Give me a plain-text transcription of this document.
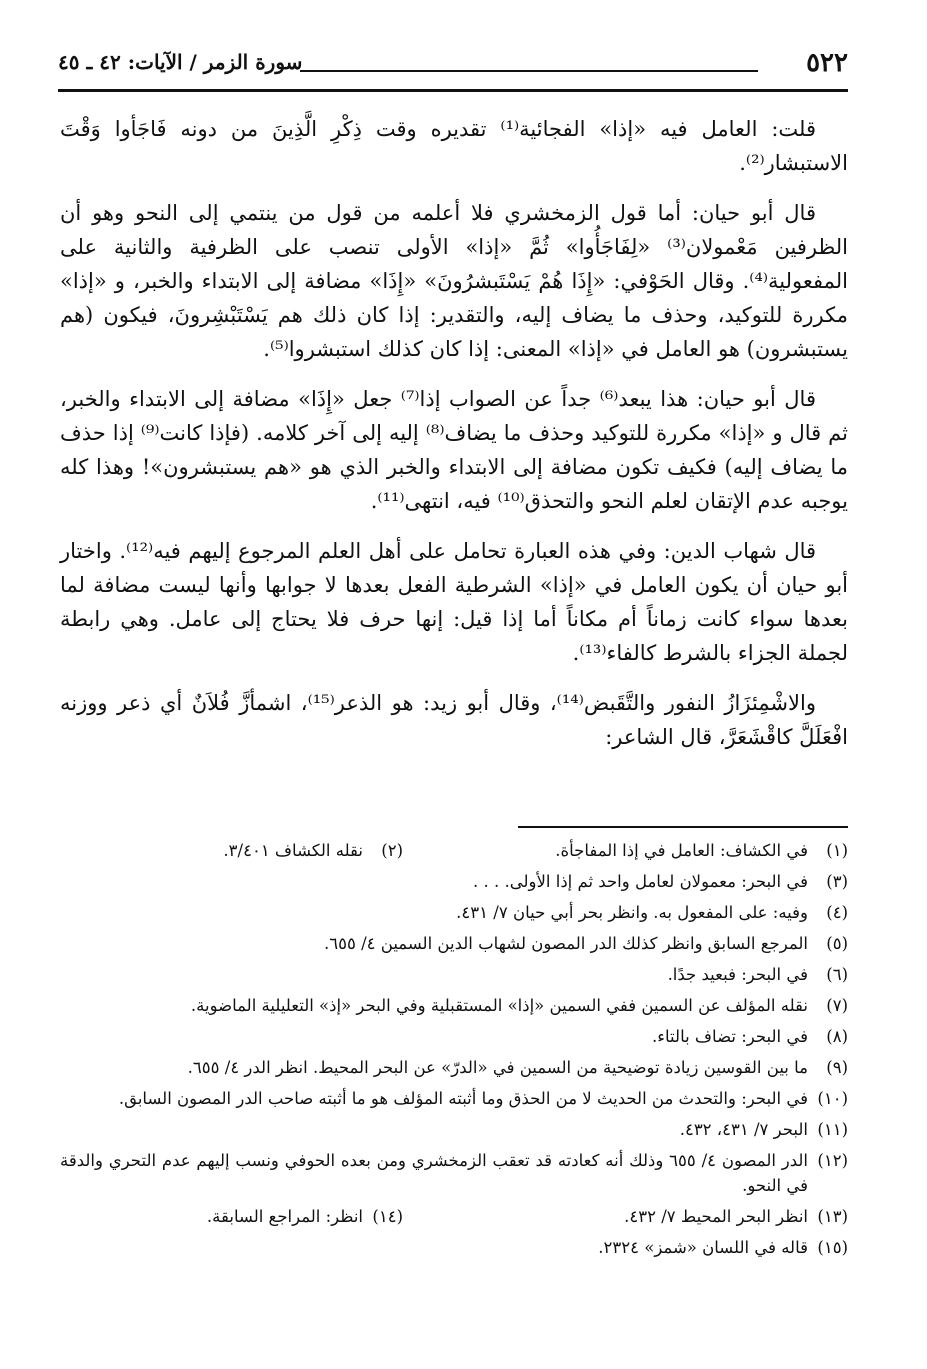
٥٢٢
سورة الزمر / الآيات: ٤٢ ـ ٤٥

قلت: العامل فيه «إذا» الفجائية⁽¹⁾ تقديره وقت ذِكْرِ الَّذِينَ من دونه فَاجَأوا وَقْتَ الاستبشار⁽²⁾.

قال أبو حيان: أما قول الزمخشري فلا أعلمه من قول من ينتمي إلى النحو وهو أن الظرفين مَعْمولان⁽³⁾ «لِفَاجَأُوا» ثُمَّ «إذا» الأولى تنصب على الظرفية والثانية على المفعولية⁽⁴⁾. وقال الحَوْفي: «إِذَا هُمْ يَسْتَبشرُونَ» «إِذَا» مضافة إلى الابتداء والخبر، و «إذا» مكررة للتوكيد، وحذف ما يضاف إليه، والتقدير: إذا كان ذلك هم يَسْتَبْشِرونَ، فيكون (هم يستبشرون) هو العامل في «إذا» المعنى: إذا كان كذلك استبشروا⁽⁵⁾.

قال أبو حيان: هذا يبعد⁽⁶⁾ جداً عن الصواب إذا⁽⁷⁾ جعل «إِذَا» مضافة إلى الابتداء والخبر، ثم قال و «إذا» مكررة للتوكيد وحذف ما يضاف⁽⁸⁾ إليه إلى آخر كلامه. (فإذا كانت⁽⁹⁾ إذا حذف ما يضاف إليه) فكيف تكون مضافة إلى الابتداء والخبر الذي هو «هم يستبشرون»! وهذا كله يوجبه عدم الإتقان لعلم النحو والتحذق⁽¹⁰⁾ فيه، انتهى⁽¹¹⁾.

قال شهاب الدين: وفي هذه العبارة تحامل على أهل العلم المرجوع إليهم فيه⁽¹²⁾. واختار أبو حيان أن يكون العامل في «إذا» الشرطية الفعل بعدها لا جوابها وأنها ليست مضافة لما بعدها سواء كانت زماناً أم مكاناً أما إذا قيل: إنها حرف فلا يحتاج إلى عامل. وهي رابطة لجملة الجزاء بالشرط كالفاء⁽¹³⁾.

والاشْمِئزَازُ النفور والتَّقَبض⁽¹⁴⁾، وقال أبو زيد: هو الذعر⁽¹⁵⁾، اشمأزَّ فُلاَنٌ أي ذعر ووزنه افْعَلَلَّ كاقْشَعَرَّ، قال الشاعر:

(١)
في الكشاف: العامل في إذا المفاجأة.
(٢)
نقله الكشاف ٣/٤٠١.
(٣)
في البحر: معمولان لعامل واحد ثم إذا الأولى. . . .
(٤)
وفيه: على المفعول به. وانظر بحر أبي حيان ٧/ ٤٣١.
(٥)
المرجع السابق وانظر كذلك الدر المصون لشهاب الدين السمين ٤/ ٦٥٥.
(٦)
في البحر: فبعيد جدًا.
(٧)
نقله المؤلف عن السمين ففي السمين «إذا» المستقبلية وفي البحر «إذ» التعليلية الماضوية.
(٨)
في البحر: تضاف بالتاء.
(٩)
ما بين القوسين زيادة توضيحية من السمين في «الدرّ» عن البحر المحيط. انظر الدر ٤/ ٦٥٥.
(١٠)
في البحر: والتحدث من الحديث لا من الحذق وما أثبته المؤلف هو ما أثبته صاحب الدر المصون السابق.
(١١)
البحر ٧/ ٤٣١، ٤٣٢.
(١٢)
الدر المصون ٤/ ٦٥٥ وذلك أنه كعادته قد تعقب الزمخشري ومن بعده الحوفي ونسب إليهم عدم التحري والدقة في النحو.
(١٣)
انظر البحر المحيط ٧/ ٤٣٢.
(١٤)
انظر: المراجع السابقة.
(١٥)
قاله في اللسان «شمز» ٢٣٢٤.
